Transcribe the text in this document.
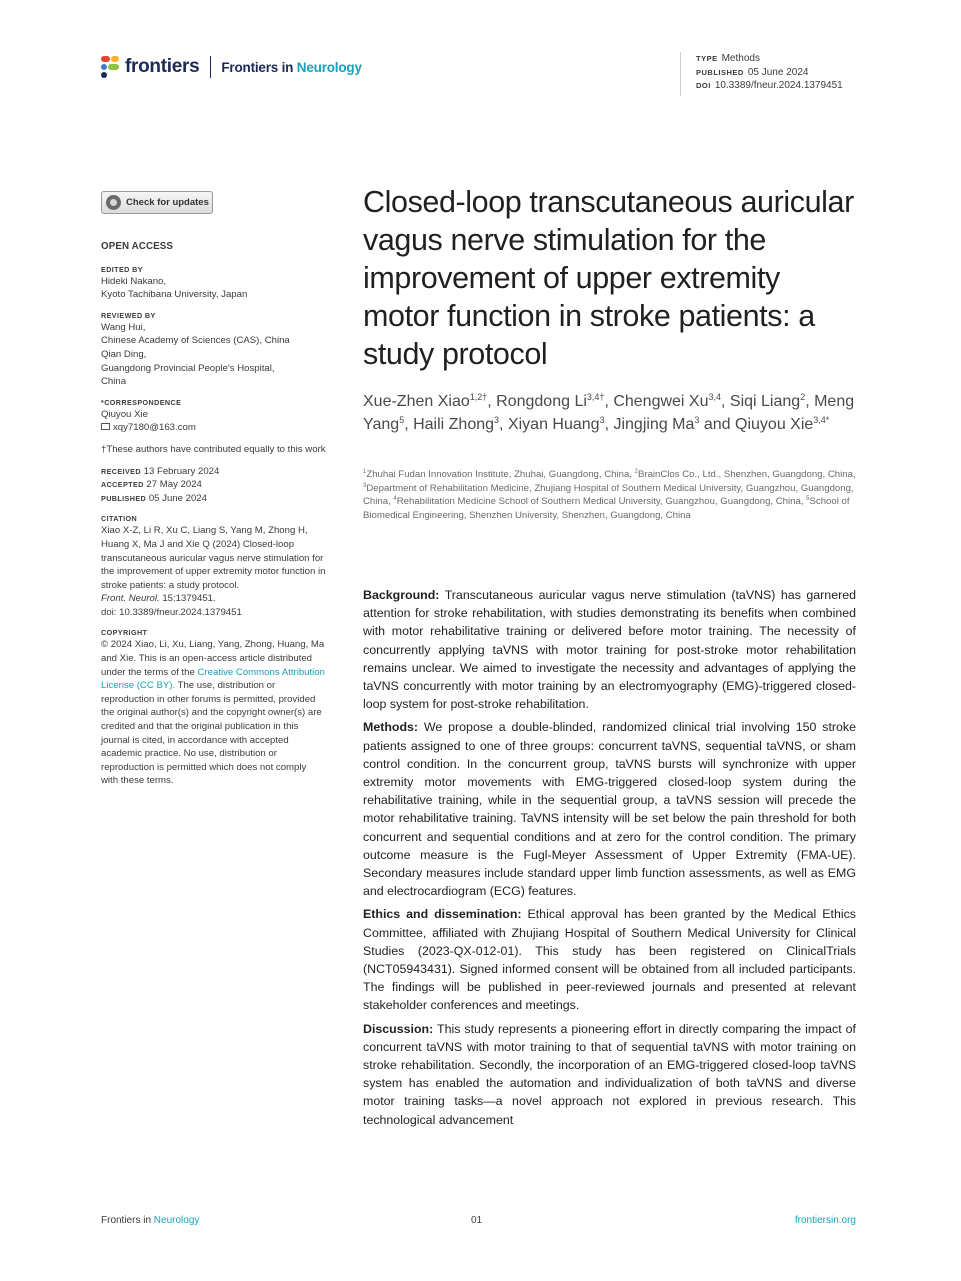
frontiers Frontiers in Neurology
TYPE Methods
PUBLISHED 05 June 2024
DOI 10.3389/fneur.2024.1379451
Check for updates
OPEN ACCESS
EDITED BY
Hideki Nakano,
Kyoto Tachibana University, Japan
REVIEWED BY
Wang Hui,
Chinese Academy of Sciences (CAS), China
Qian Ding,
Guangdong Provincial People's Hospital,
China
*CORRESPONDENCE
Qiuyou Xie
xqy7180@163.com
†These authors have contributed equally to this work
RECEIVED 13 February 2024
ACCEPTED 27 May 2024
PUBLISHED 05 June 2024
CITATION
Xiao X-Z, Li R, Xu C, Liang S, Yang M, Zhong H, Huang X, Ma J and Xie Q (2024) Closed-loop transcutaneous auricular vagus nerve stimulation for the improvement of upper extremity motor function in stroke patients: a study protocol.
Front. Neurol. 15:1379451.
doi: 10.3389/fneur.2024.1379451
COPYRIGHT
© 2024 Xiao, Li, Xu, Liang, Yang, Zhong, Huang, Ma and Xie. This is an open-access article distributed under the terms of the Creative Commons Attribution License (CC BY). The use, distribution or reproduction in other forums is permitted, provided the original author(s) and the copyright owner(s) are credited and that the original publication in this journal is cited, in accordance with accepted academic practice. No use, distribution or reproduction is permitted which does not comply with these terms.
Closed-loop transcutaneous auricular vagus nerve stimulation for the improvement of upper extremity motor function in stroke patients: a study protocol
Xue-Zhen Xiao$^{1,2\dagger}$, Rongdong $Li^{3,4\dagger}$, Chengwei Xu$^{3,4}$, Siqi Liang$^2$, Meng Yang$^5$, Haili Zhong$^3$, Xiyan Huang$^3$, Jingjing Ma$^3$ and Qiuyou Xie$^{3,4*}$
$^1$Zhuhai Fudan Innovation Institute, Zhuhai, Guangdong, China, $^2$BrainClos Co., Ltd., Shenzhen, Guangdong, China, $^3$Department of Rehabilitation Medicine, Zhujiang Hospital of Southern Medical University, Guangzhou, Guangdong, China, $^4$Rehabilitation Medicine School of Southern Medical University, Guangzhou, Guangdong, China, $^5$School of Biomedical Engineering, Shenzhen University, Shenzhen, Guangdong, China

Background: Transcutaneous auricular vagus nerve stimulation (taVNS) has garnered attention for stroke rehabilitation, with studies demonstrating its benefits when combined with motor rehabilitative training or delivered before motor training. The necessity of concurrently applying taVNS with motor training for post-stroke motor rehabilitation remains unclear. We aimed to investigate the necessity and advantages of applying the taVNS concurrently with motor training by an electromyography (EMG)-triggered closed-loop system for post-stroke rehabilitation.

Methods: We propose a double-blinded, randomized clinical trial involving 150 stroke patients assigned to one of three groups: concurrent taVNS, sequential taVNS, or sham control condition. In the concurrent group, taVNS bursts will synchronize with upper extremity motor movements with EMG-triggered closed-loop system during the rehabilitative training, while in the sequential group, a taVNS session will precede the motor rehabilitative training. TaVNS intensity will be set below the pain threshold for both concurrent and sequential conditions and at zero for the control condition. The primary outcome measure is the Fugl-Meyer Assessment of Upper Extremity (FMA-UE). Secondary measures include standard upper limb function assessments, as well as EMG and electrocardiogram (ECG) features.

Ethics and dissemination: Ethical approval has been granted by the Medical Ethics Committee, affiliated with Zhujiang Hospital of Southern Medical University for Clinical Studies (2023-QX-012-01). This study has been registered on ClinicalTrials (NCT05943431). Signed informed consent will be obtained from all included participants. The findings will be published in peer-reviewed journals and presented at relevant stakeholder conferences and meetings.

Discussion: This study represents a pioneering effort in directly comparing the impact of concurrent taVNS with motor training to that of sequential taVNS with motor training on stroke rehabilitation. Secondly, the incorporation of an EMG-triggered closed-loop taVNS system has enabled the automation and individualization of both taVNS and diverse motor training tasks—a novel approach not explored in previous research. This technological advancement

Frontiers in Neurology	01	frontiersin.org
